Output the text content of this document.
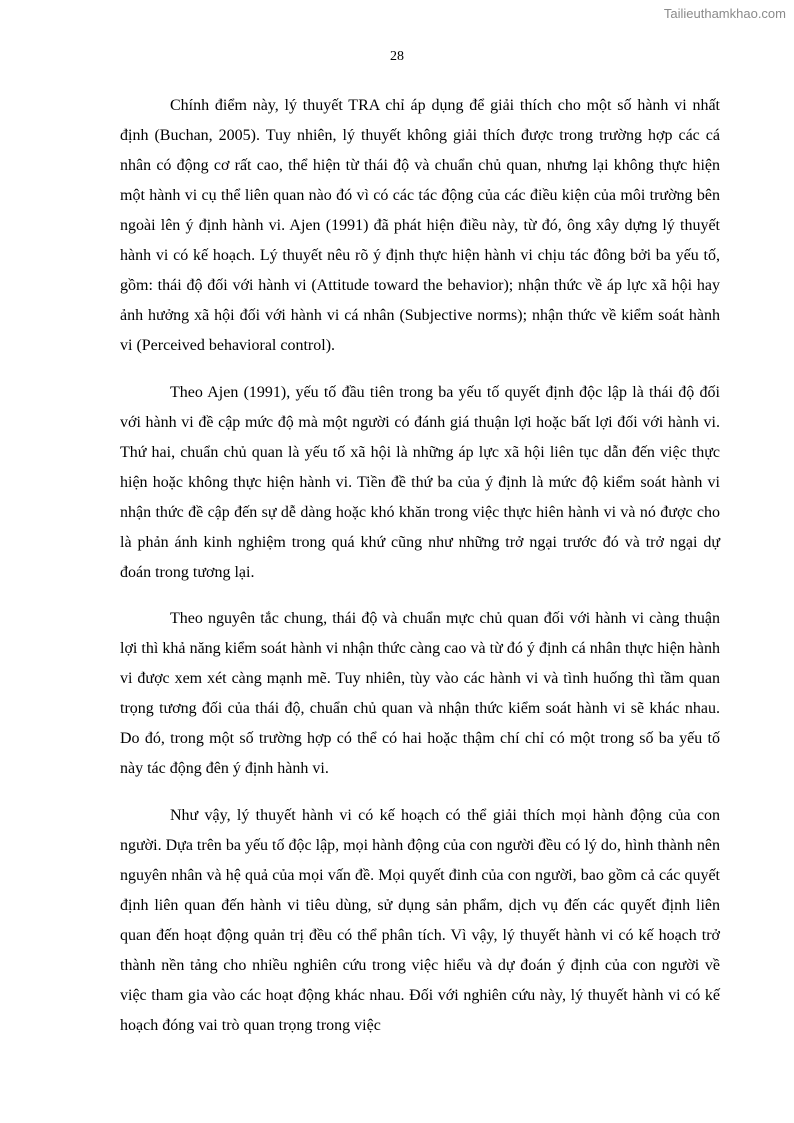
Tailieuthamkhao.com
28

Chính điểm này, lý thuyết TRA chỉ áp dụng để giải thích cho một số hành vi nhất định (Buchan, 2005). Tuy nhiên, lý thuyết không giải thích được trong trường hợp các cá nhân có động cơ rất cao, thể hiện từ thái độ và chuẩn chủ quan, nhưng lại không thực hiện một hành vi cụ thể liên quan nào đó vì có các tác động của các điều kiện của môi trường bên ngoài lên ý định hành vi. Ajen (1991) đã phát hiện điều này, từ đó, ông xây dựng lý thuyết hành vi có kế hoạch. Lý thuyết nêu rõ ý định thực hiện hành vi chịu tác đông bởi ba yếu tố, gồm: thái độ đối với hành vi (Attitude toward the behavior); nhận thức về áp lực xã hội hay ảnh hưởng xã hội đối với hành vi cá nhân (Subjective norms); nhận thức về kiểm soát hành vi (Perceived behavioral control).

Theo Ajen (1991), yếu tố đầu tiên trong ba yếu tố quyết định độc lập là thái độ đối với hành vi đề cập mức độ mà một người có đánh giá thuận lợi hoặc bất lợi đối với hành vi. Thứ hai, chuẩn chủ quan là yếu tố xã hội là những áp lực xã hội liên tục dẫn đến việc thực hiện hoặc không thực hiện hành vi. Tiền đề thứ ba của ý định là mức độ kiểm soát hành vi nhận thức đề cập đến sự dễ dàng hoặc khó khăn trong việc thực hiên hành vi và nó được cho là phản ánh kinh nghiệm trong quá khứ cũng như những trở ngại trước đó và trở ngại dự đoán trong tương lại.

Theo nguyên tắc chung, thái độ và chuẩn mực chủ quan đối với hành vi càng thuận lợi thì khả năng kiểm soát hành vi nhận thức càng cao và từ đó ý định cá nhân thực hiện hành vi được xem xét càng mạnh mẽ. Tuy nhiên, tùy vào các hành vi và tình huống thì tầm quan trọng tương đối của thái độ, chuẩn chủ quan và nhận thức kiểm soát hành vi sẽ khác nhau. Do đó, trong một số trường hợp có thể có hai hoặc thậm chí chỉ có một trong số ba yếu tố này tác động đên ý định hành vi.

Như vậy, lý thuyết hành vi có kế hoạch có thể giải thích mọi hành động của con người. Dựa trên ba yếu tố độc lập, mọi hành động của con người đều có lý do, hình thành nên nguyên nhân và hệ quả của mọi vấn đề. Mọi quyết đinh của con người, bao gồm cả các quyết định liên quan đến hành vi tiêu dùng, sử dụng sản phẩm, dịch vụ đến các quyết định liên quan đến hoạt động quản trị đều có thể phân tích. Vì vậy, lý thuyết hành vi có kế hoạch trở thành nền tảng cho nhiều nghiên cứu trong việc hiểu và dự đoán ý định của con người về việc tham gia vào các hoạt động khác nhau. Đối với nghiên cứu này, lý thuyết hành vi có kế hoạch đóng vai trò quan trọng trong việc
